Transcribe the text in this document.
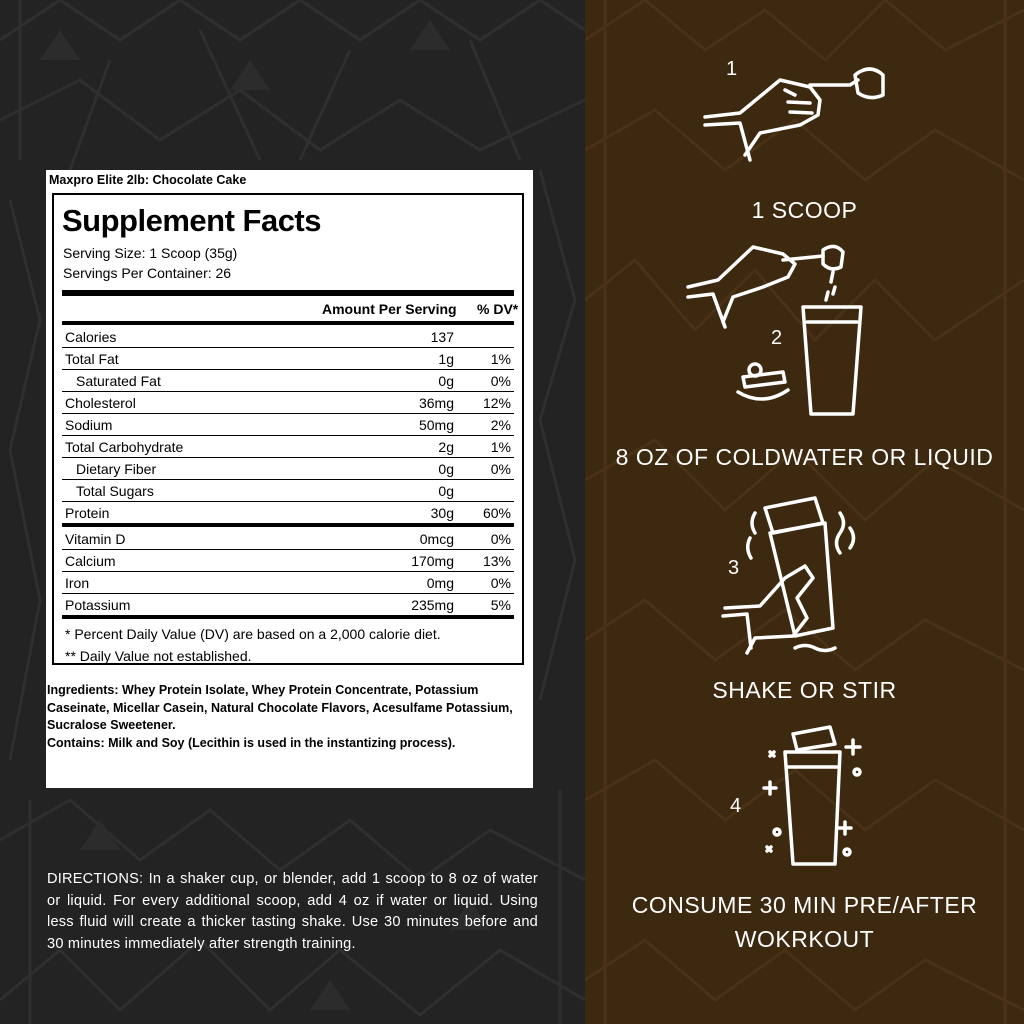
Maxpro Elite 2lb: Chocolate Cake
Supplement Facts
Serving Size: 1 Scoop (35g)
Servings Per Container: 26
Amount Per Serving % DV*
Calories	137
Total Fat	1g	1%
Saturated Fat	0g	0%
Cholesterol	36mg 12%
Sodium	50mg	2%
Total Carbohydrate	2g	1%
Dietary Fiber	0g	0%
Total Sugars	0g
Protein	30g 60%
Vitamin D	0mcg	0%
Calcium	170mg 13%
Iron	0mg	0%
Potassium	235mg	5%
* Percent Daily Value (DV) are based on a 2,000 calorie diet.
** Daily Value not established.
Ingredients: Whey Protein Isolate, Whey Protein Concentrate, Potassium Caseinate, Micellar Casein, Natural Chocolate Flavors, Acesulfame Potassium, Sucralose Sweetener.
Contains: Milk and Soy (Lecithin is used in the instantizing process).
DIRECTIONS: In a shaker cup, or blender, add 1 scoop to 8 oz of water or liquid. For every additional scoop, add 4 oz if water or liquid. Using less fluid will create a thicker tasting shake. Use 30 minutes before and 30 minutes immediately after strength training.
1
1 SCOOP
2
8 OZ OF COLDWATER OR LIQUID
3
SHAKE OR STIR
4
CONSUME 30 MIN PRE/AFTER WOKRKOUT
